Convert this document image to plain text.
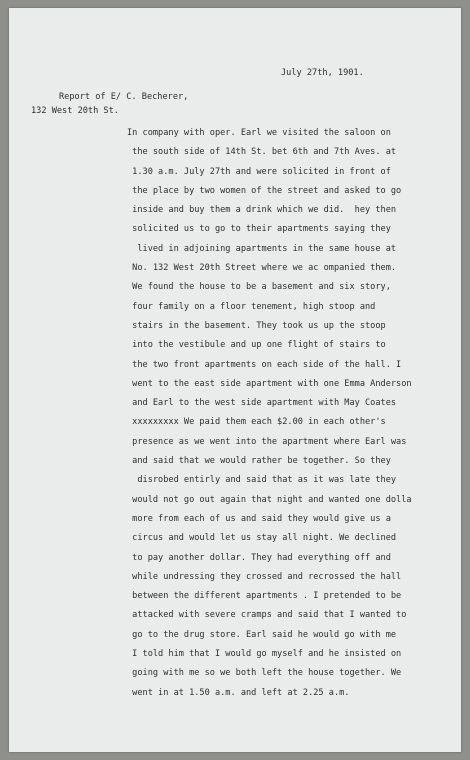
July 27th, 1901.

Report of E/ C. Becherer,

132 West 20th St.

In company with oper. Earl we visited the saloon on
the south side of 14th St. bet 6th and 7th Aves. at
1.30 a.m. July 27th and were solicited in front of
the place by two women of the street and asked to go
inside and buy them a drink which we did.  hey then
solicited us to go to their apartments saying they
lived in adjoining apartments in the same house at
No. 132 West 20th Street where we ac ompanied them.
We found the house to be a basement and six story,
four family on a floor tenement, high stoop and
stairs in the basement. They took us up the stoop
into the vestibule and up one flight of stairs to
the two front apartments on each side of the hall. I
went to the east side apartment with one Emma Anderson
and Earl to the west side apartment with May Coates
xxxxxxxxx We paid them each $2.00 in each other's
presence as we went into the apartment where Earl was
and said that we would rather be together. So they
disrobed entirly and said that as it was late they
would not go out again that night and wanted one dolla
more from each of us and said they would give us a
circus and would let us stay all night. We declined
to pay another dollar. They had everything off and
while undressing they crossed and recrossed the hall
between the different apartments . I pretended to be
attacked with severe cramps and said that I wanted to
go to the drug store. Earl said he would go with me
I told him that I would go myself and he insisted on
going with me so we both left the house together. We
went in at 1.50 a.m. and left at 2.25 a.m.
